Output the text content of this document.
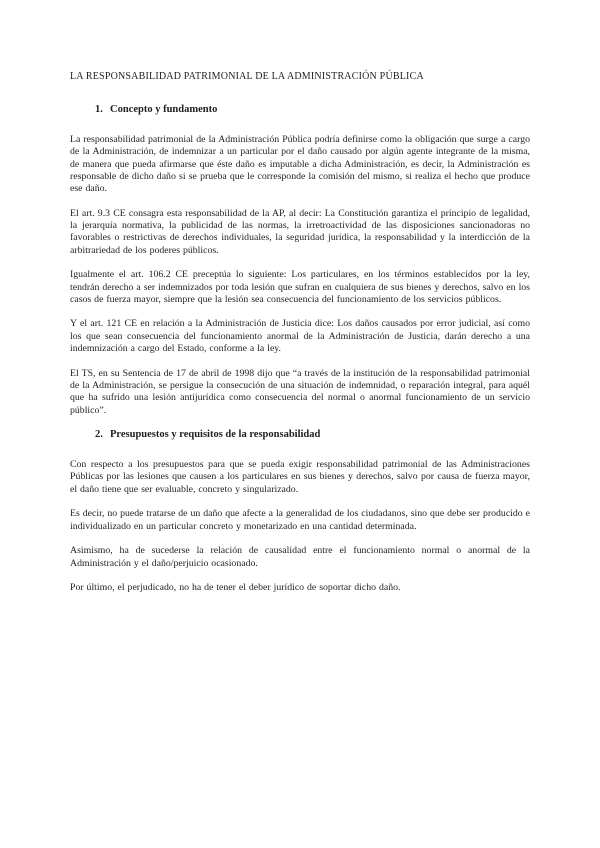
LA RESPONSABILIDAD PATRIMONIAL DE LA ADMINISTRACIÓN PÚBLICA
1. Concepto y fundamento

La responsabilidad patrimonial de la Administración Pública podría definirse como la obligación que surge a cargo de la Administración, de indemnizar a un particular por el daño causado por algún agente integrante de la misma, de manera que pueda afirmarse que éste daño es imputable a dicha Administración, es decir, la Administración es responsable de dicho daño si se prueba que le corresponde la comisión del mismo, si realiza el hecho que produce ese daño.

El art. 9.3 CE consagra esta responsabilidad de la AP, al decir: La Constitución garantiza el principio de legalidad, la jerarquía normativa, la publicidad de las normas, la irretroactividad de las disposiciones sancionadoras no favorables o restrictivas de derechos individuales, la seguridad jurídica, la responsabilidad y la interdicción de la arbitrariedad de los poderes públicos.

Igualmente el art. 106.2 CE preceptúa lo siguiente: Los particulares, en los términos establecidos por la ley, tendrán derecho a ser indemnizados por toda lesión que sufran en cualquiera de sus bienes y derechos, salvo en los casos de fuerza mayor, siempre que la lesión sea consecuencia del funcionamiento de los servicios públicos.

Y el art. 121 CE en relación a la Administración de Justicia dice: Los daños causados por error judicial, así como los que sean consecuencia del funcionamiento anormal de la Administración de Justicia, darán derecho a una indemnización a cargo del Estado, conforme a la ley.

El TS, en su Sentencia de 17 de abril de 1998 dijo que “a través de la institución de la responsabilidad patrimonial de la Administración, se persigue la consecución de una situación de indemnidad, o reparación integral, para aquél que ha sufrido una lesión antijurídica como consecuencia del normal o anormal funcionamiento de un servicio público”.

2. Presupuestos y requisitos de la responsabilidad

Con respecto a los presupuestos para que se pueda exigir responsabilidad patrimonial de las Administraciones Públicas por las lesiones que causen a los particulares en sus bienes y derechos, salvo por causa de fuerza mayor, el daño tiene que ser evaluable, concreto y singularizado.

Es decir, no puede tratarse de un daño que afecte a la generalidad de los ciudadanos, sino que debe ser producido e individualizado en un particular concreto y monetarizado en una cantidad determinada.

Asimismo, ha de sucederse la relación de causalidad entre el funcionamiento normal o anormal de la Administración y el daño/perjuicio ocasionado.

Por último, el perjudicado, no ha de tener el deber jurídico de soportar dicho daño.
